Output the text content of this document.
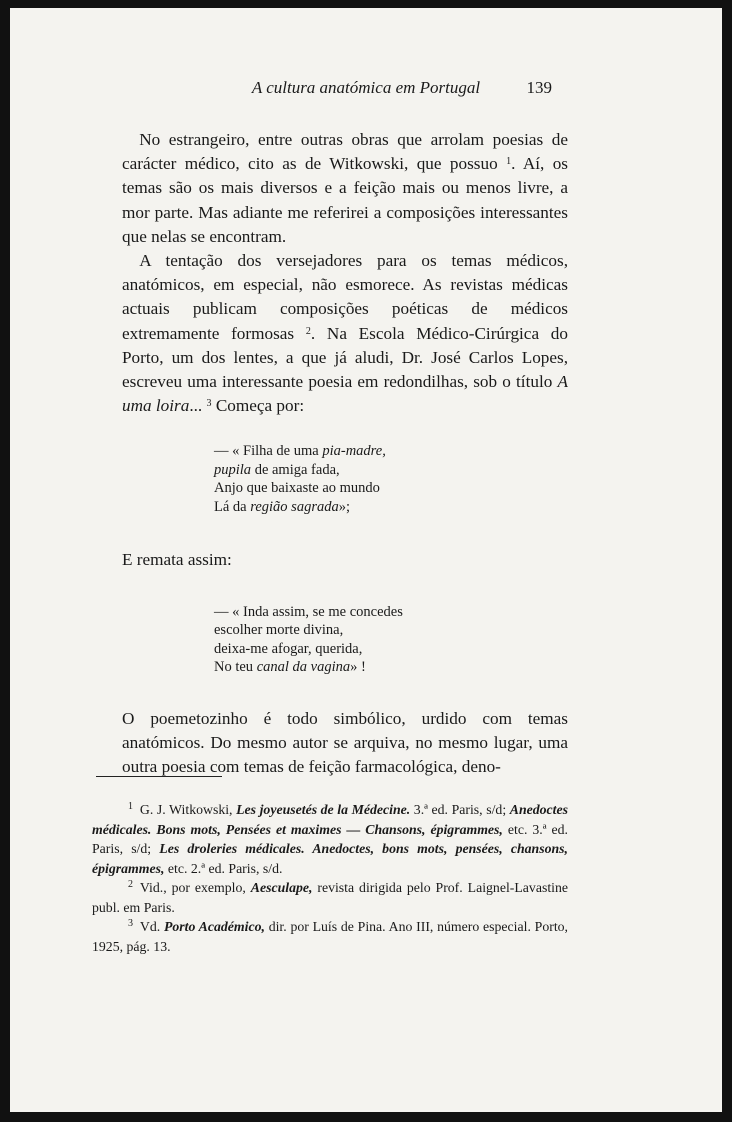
A cultura anatómica em Portugal	139

 No estrangeiro, entre outras obras que arrolam poesias de carácter médico, cito as de Witkowski, que possuo $^1$. Aí, os temas são os mais diversos e a feição mais ou menos livre, a mor parte. Mas adiante me referirei a composições interessantes que nelas se encontram.

 A tentação dos versejadores para os temas médicos, anatómicos, em especial, não esmorece. As revistas médicas actuais publicam composições poéticas de médicos extremamente formosas $^2$. Na Escola Médico-Cirúrgica do Porto, um dos lentes, a que já aludi, Dr. José Carlos Lopes, escreveu uma interessante poesia em redondilhas, sob o título A uma loira... $^3$ Começa por:

— « Filha de uma pia-madre,
pupila de amiga fada,
Anjo que baixaste ao mundo
Lá da região sagrada»;

E remata assim:

— « Inda assim, se me concedes
escolher morte divina,
deixa-me afogar, querida,
No teu canal da vagina» !

O poemetozinho é todo simbólico, urdido com temas anatómicos. Do mesmo autor se arquiva, no mesmo lugar, uma outra poesia com temas de feição farmacológica, deno-

$^1$  G. J. Witkowski, Les joyeusetés de la Médecine. 3.ª ed. Paris, s/d; Anedoctes médicales. Bons mots, Pensées et maximes — Chansons, épigrammes, etc. 3.ª ed. Paris, s/d; Les droleries médicales. Anedoctes, bons mots, pensées, chansons, épigrammes, etc. 2.ª ed. Paris, s/d.

$^2$  Vid., por exemplo, Aesculape, revista dirigida pelo Prof. Laignel-Lavastine publ. em Paris.

$^3$  Vd. Porto Académico, dir. por Luís de Pina. Ano III, número especial. Porto, 1925, pág. 13.
